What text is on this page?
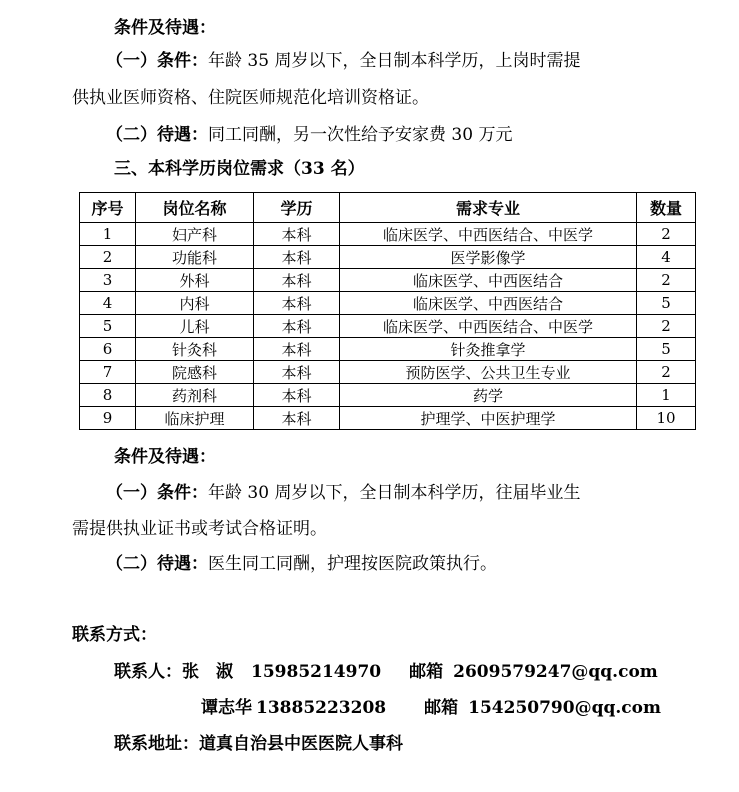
条件及待遇：
（一）条件：年龄 35 周岁以下，全日制本科学历，上岗时需提
供执业医师资格、住院医师规范化培训资格证。
（二）待遇：同工同酬，另一次性给予安家费 30 万元
三、本科学历岗位需求（33 名）
序号	岗位名称	学历	需求专业	数量
1	妇产科	本科	临床医学、中西医结合、中医学	2
2	功能科	本科	医学影像学	4
3	外科	本科	临床医学、中西医结合	2
4	内科	本科	临床医学、中西医结合	5
5	儿科	本科	临床医学、中西医结合、中医学	2
6	针灸科	本科	针灸推拿学	5
7	院感科	本科	预防医学、公共卫生专业	2
8	药剂科	本科	药学	1
9	临床护理	本科	护理学、中医护理学	10
条件及待遇：
（一）条件：年龄 30 周岁以下，全日制本科学历，往届毕业生
需提供执业证书或考试合格证明。
（二）待遇：医生同工同酬，护理按医院政策执行。
联系方式：
联系人：张　淑 15985214970 邮箱 2609579247@qq.com
谭志华 13885223208 邮箱 154250790@qq.com
联系地址：道真自治县中医医院人事科
